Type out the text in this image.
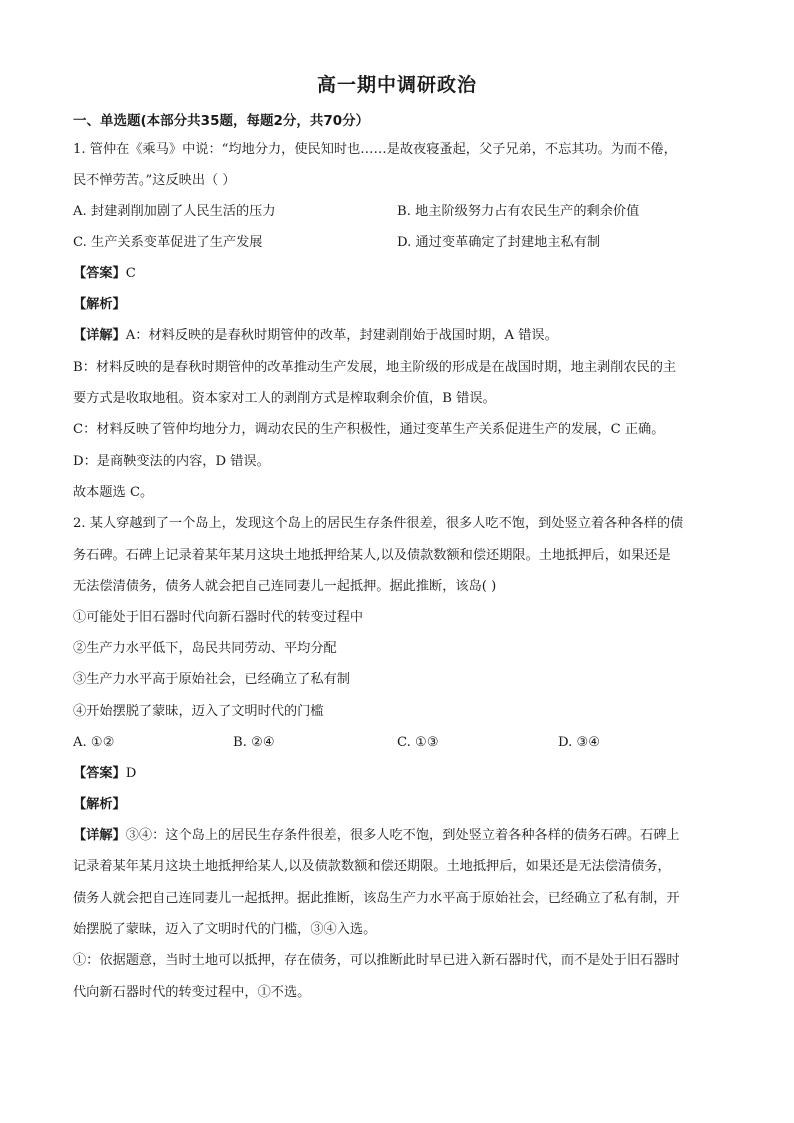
高一期中调研政治
一、单选题(本部分共35题，每题2分，共70分）
1. 管仲在《乘马》中说：“均地分力，使民知时也……是故夜寝蚤起，父子兄弟，不忘其功。为而不倦，
民不惮劳苦。”这反映出（ ）
A. 封建剥削加剧了人民生活的压力	B. 地主阶级努力占有农民生产的剩余价值
C. 生产关系变革促进了生产发展	D. 通过变革确定了封建地主私有制
【答案】C
【解析】
【详解】A：材料反映的是春秋时期管仲的改革，封建剥削始于战国时期，A 错误。
B：材料反映的是春秋时期管仲的改革推动生产发展，地主阶级的形成是在战国时期，地主剥削农民的主
要方式是收取地租。资本家对工人的剥削方式是榨取剩余价值，B 错误。
C：材料反映了管仲均地分力，调动农民的生产积极性，通过变革生产关系促进生产的发展，C 正确。
D：是商鞅变法的内容，D 错误。
故本题选 C。
2. 某人穿越到了一个岛上，发现这个岛上的居民生存条件很差，很多人吃不饱，到处竖立着各种各样的债
务石碑。石碑上记录着某年某月这块土地抵押给某人,以及债款数额和偿还期限。土地抵押后，如果还是
无法偿清债务，债务人就会把自己连同妻儿一起抵押。据此推断，该岛( )
①可能处于旧石器时代向新石器时代的转变过程中
②生产力水平低下，岛民共同劳动、平均分配
③生产力水平高于原始社会，已经确立了私有制
④开始摆脱了蒙昧，迈入了文明时代的门槛
A. ①②	B. ②④	C. ①③	D. ③④
【答案】D
【解析】
【详解】③④：这个岛上的居民生存条件很差，很多人吃不饱，到处竖立着各种各样的债务石碑。石碑上
记录着某年某月这块土地抵押给某人,以及债款数额和偿还期限。土地抵押后，如果还是无法偿清债务，
债务人就会把自己连同妻儿一起抵押。据此推断，该岛生产力水平高于原始社会，已经确立了私有制，开
始摆脱了蒙昧，迈入了文明时代的门槛，③④入选。
①：依据题意，当时土地可以抵押，存在债务，可以推断此时早已进入新石器时代，而不是处于旧石器时
代向新石器时代的转变过程中，①不选。
